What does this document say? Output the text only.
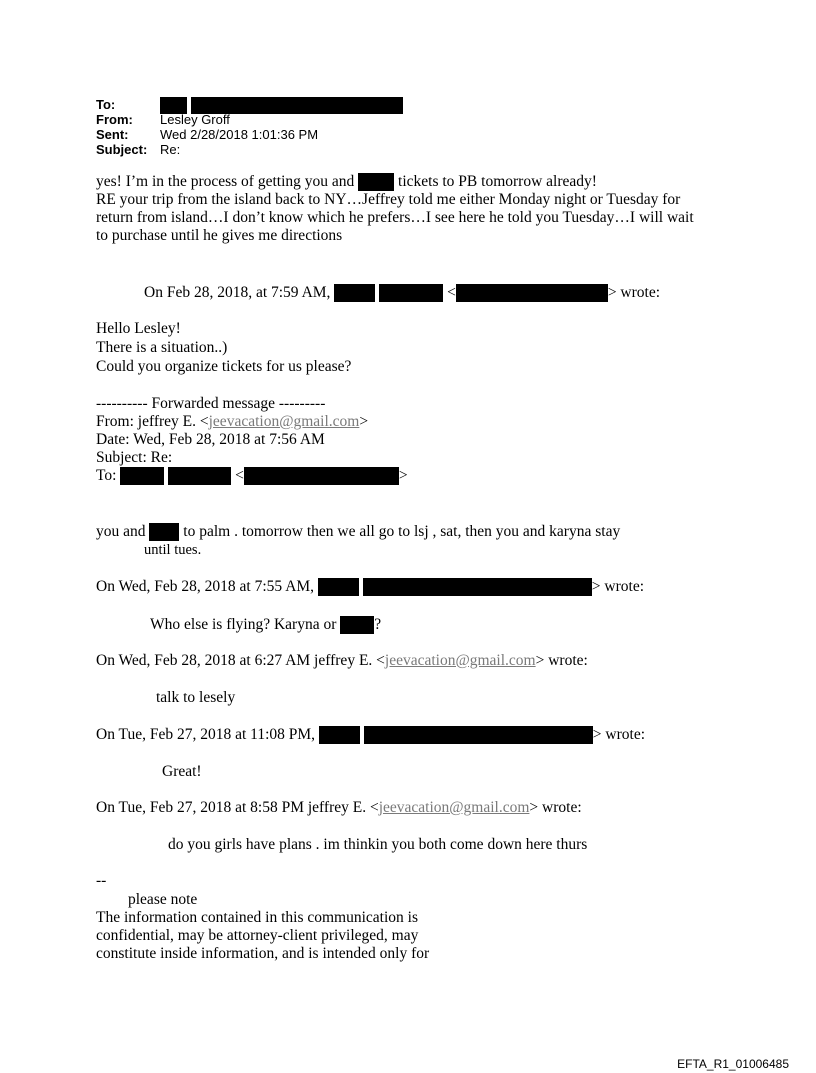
To:

From: Lesley Groff
Sent: Wed 2/28/2018 1:01:36 PM
Subject: Re:
yes! I’m in the process of getting you and	tickets to PB tomorrow already!
RE your trip from the island back to NY…Jeffrey told me either Monday night or Tuesday for
return from island…I don’t know which he prefers…I see here he told you Tuesday…I will wait
to purchase until he gives me directions
On Feb 28, 2018, at 7:59 AM,	<	> wrote:
Hello Lesley!
There is a situation..)
Could you organize tickets for us please?
---------- Forwarded message ---------
From: jeffrey E. <jeevacation@gmail.com>
Date: Wed, Feb 28, 2018 at 7:56 AM
Subject: Re:
To:	<	>
you and to palm . tomorrow then we all go to lsj , sat, then you and karyna stay
until tues.
On Wed, Feb 28, 2018 at 7:55 AM,	> wrote:
Who else is flying? Karyna or ?
On Wed, Feb 28, 2018 at 6:27 AM jeffrey E. <jeevacation@gmail.com> wrote:
talk to lesely
On Tue, Feb 27, 2018 at 11:08 PM,	> wrote:
Great!
On Tue, Feb 27, 2018 at 8:58 PM jeffrey E. <jeevacation@gmail.com> wrote:
do you girls have plans . im thinkin you both come down here thurs
--
please note
The information contained in this communication is
confidential, may be attorney-client privileged, may
constitute inside information, and is intended only for
EFTA_R1_01006485
